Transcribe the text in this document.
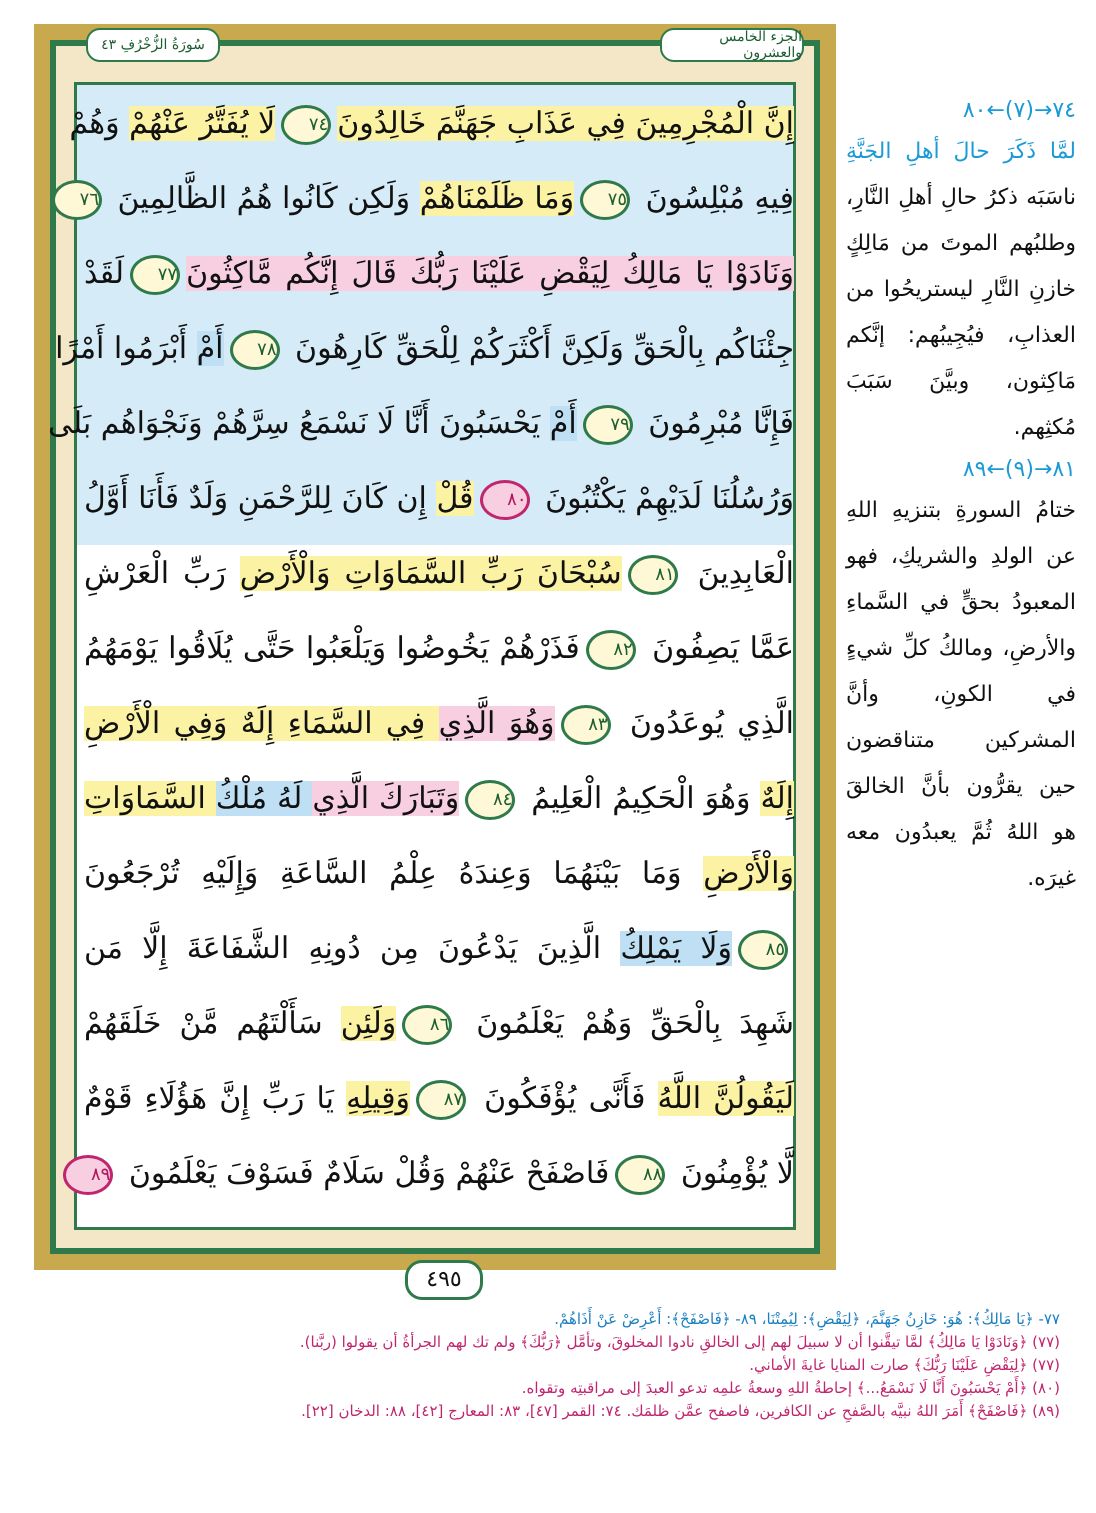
الجزء الخامس والعشرون
سُورَةُ الزُّخْرُفِ ٤٣
إِنَّ الْمُجْرِمِينَ فِي عَذَابِ جَهَنَّمَ خَالِدُونَ٧٤لَا يُفَتَّرُ عَنْهُمْ وَهُمْ
فِيهِ مُبْلِسُونَ ٧٥وَمَا ظَلَمْنَاهُمْ وَلَكِن كَانُوا هُمُ الظَّالِمِينَ ٧٦
وَنَادَوْا يَا مَالِكُ لِيَقْضِ عَلَيْنَا رَبُّكَ قَالَ إِنَّكُم مَّاكِثُونَ٧٧لَقَدْ
جِئْنَاكُم بِالْحَقِّ وَلَكِنَّ أَكْثَرَكُمْ لِلْحَقِّ كَارِهُونَ ٧٨أَمْ أَبْرَمُوا أَمْرًا
فَإِنَّا مُبْرِمُونَ ٧٩أَمْ يَحْسَبُونَ أَنَّا لَا نَسْمَعُ سِرَّهُمْ وَنَجْوَاهُم بَلَى
وَرُسُلُنَا لَدَيْهِمْ يَكْتُبُونَ ٨٠قُلْ إِن كَانَ لِلرَّحْمَنِ وَلَدٌ فَأَنَا أَوَّلُ
الْعَابِدِينَ ٨١سُبْحَانَ رَبِّ السَّمَاوَاتِ وَالْأَرْضِ رَبِّ الْعَرْشِ
عَمَّا يَصِفُونَ ٨٢فَذَرْهُمْ يَخُوضُوا وَيَلْعَبُوا حَتَّى يُلَاقُوا يَوْمَهُمُ
الَّذِي يُوعَدُونَ ٨٣وَهُوَ الَّذِي فِي السَّمَاءِ إِلَهٌ وَفِي الْأَرْضِ
إِلَهٌ وَهُوَ الْحَكِيمُ الْعَلِيمُ ٨٤وَتَبَارَكَ الَّذِي لَهُ مُلْكُ السَّمَاوَاتِ
وَالْأَرْضِ وَمَا بَيْنَهُمَا وَعِندَهُ عِلْمُ السَّاعَةِ وَإِلَيْهِ تُرْجَعُونَ
٨٥وَلَا يَمْلِكُ الَّذِينَ يَدْعُونَ مِن دُونِهِ الشَّفَاعَةَ إِلَّا مَن
شَهِدَ بِالْحَقِّ وَهُمْ يَعْلَمُونَ ٨٦وَلَئِن سَأَلْتَهُم مَّنْ خَلَقَهُمْ
لَيَقُولُنَّ اللَّهُ فَأَنَّى يُؤْفَكُونَ ٨٧وَقِيلِهِ يَا رَبِّ إِنَّ هَؤُلَاءِ قَوْمٌ
لَّا يُؤْمِنُونَ ٨٨فَاصْفَحْ عَنْهُمْ وَقُلْ سَلَامٌ فَسَوْفَ يَعْلَمُونَ ٨٩
٤٩٥
٧٤→(٧)←٨٠

لمَّا ذَكَرَ حالَ أهلِ الجَنَّةِ ناسَبَه ذكرُ حالِ أهلِ النَّارِ، وطلبُهم الموتَ من مَالِكٍ خازنِ النَّارِ ليستريحُوا من العذابِ، فيُجِيبُهم: إنَّكم مَاكِثون، وبيَّنَ سَبَبَ مُكثِهم.

٨١→(٩)←٨٩

ختامُ السورةِ بتنزيهِ اللهِ عن الولدِ والشريكِ، فهو المعبودُ بحقٍّ في السَّماءِ والأرضِ، ومالكُ كلِّ شيءٍ في الكونِ، وأنَّ المشركين متناقضون حين يقرُّون بأنَّ الخالقَ هو اللهُ ثُمَّ يعبدُون معه غيرَه.

٧٧- ﴿يَا مَالِكُ﴾: هُوَ: خَازِنُ جَهَنَّمَ، ﴿لِيَقْضِ﴾: لِيُمِتْنَا، ٨٩- ﴿فَاصْفَحْ﴾: أَعْرِضْ عَنْ أَذَاهُمْ.
(٧٧) ﴿وَنَادَوْا يَا مَالِكُ﴾ لمَّا تيقَّنوا أن لا سبيلَ لهم إلى الخالقِ نادوا المخلوقَ، وتأمَّل ﴿رَبُّكَ﴾ ولم تك لهم الجرأةُ أن يقولوا (ربَّنا).
(٧٧) ﴿لِيَقْضِ عَلَيْنَا رَبُّكَ﴾ صارت المنايا غايةَ الأماني.
(٨٠) ﴿أَمْ يَحْسَبُونَ أَنَّا لَا نَسْمَعُ...﴾ إحاطةُ اللهِ وسعةُ علمِه تدعو العبدَ إلى مراقبتِه وتقواه.
(٨٩) ﴿فَاصْفَحْ﴾ أَمَرَ اللهُ نبيَّه بالصَّفحِ عن الكافرين، فاصفح عمَّن ظلمَك. ٧٤: القمر [٤٧]، ٨٣: المعارج [٤٢]، ٨٨: الدخان [٢٢].
